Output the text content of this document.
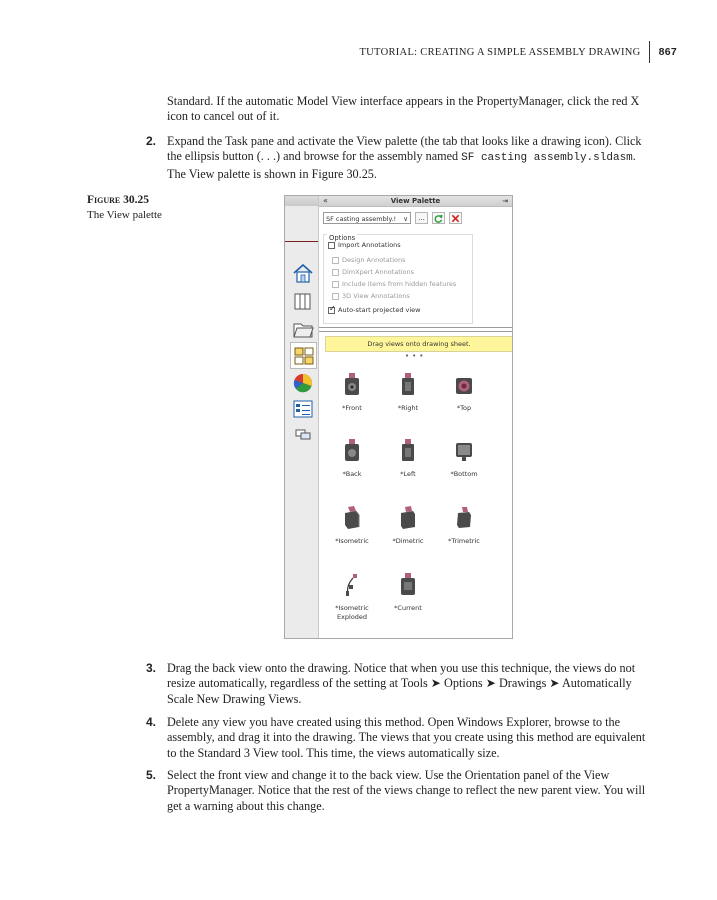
TUTORIAL: CREATING A SIMPLE ASSEMBLY DRAWING	867
Standard. If the automatic Model View interface appears in the PropertyManager, click the red X icon to cancel out of it.
2. Expand the Task pane and activate the View palette (the tab that looks like a drawing icon). Click the ellipsis button (. . .) and browse for the assembly named SF casting assembly.sldasm. The View palette is shown in Figure 30.25.
Figure 30.25
The View palette
«	View Palette	⇥
SF casting assembly.! ∨	...
Options
Import Annotations
Design Annotations
DimXpert Annotations
Include items from hidden features
3D View Annotations
✓ Auto-start projected view
Drag views onto drawing sheet.
•••
*Front	*Right	*Top
*Back	*Left	*Bottom
*Isometric	*Dimetric	*Trimetric
*Isometric Exploded
*Current
3. Drag the back view onto the drawing. Notice that when you use this technique, the views do not resize automatically, regardless of the setting at Tools ➤ Options ➤ Drawings ➤ Automatically Scale New Drawing Views.
4. Delete any view you have created using this method. Open Windows Explorer, browse to the assembly, and drag it into the drawing. The views that you create using this method are equivalent to the Standard 3 View tool. This time, the views automatically size.
5. Select the front view and change it to the back view. Use the Orientation panel of the View PropertyManager. Notice that the rest of the views change to reflect the new parent view. You will get a warning about this change.
